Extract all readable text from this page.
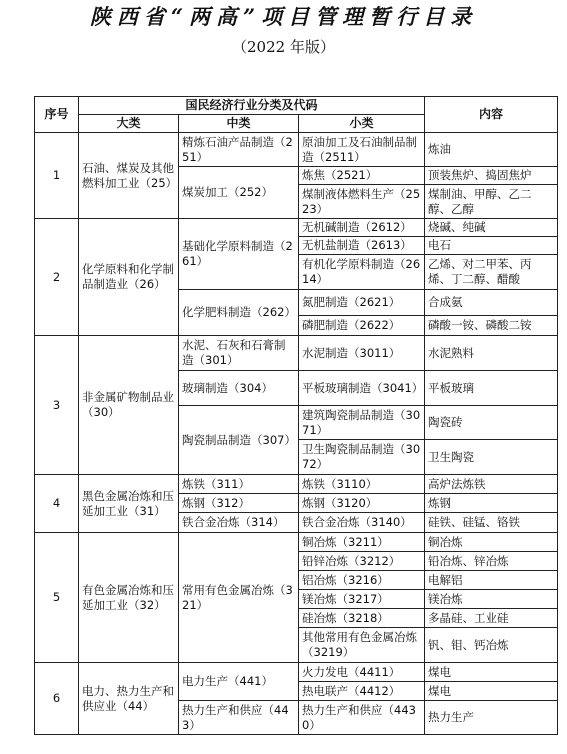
陕西省“两高”项目管理暂行目录
（2022 年版）
序号	国民经济行业分类及代码			内容
	大类	中类	小类	
1	石油、煤炭及其他燃料加工业（25）	精炼石油产品制造（251）	原油加工及石油制品制造（2511）	炼油
		煤炭加工（252）	炼焦（2521）	顶装焦炉、捣固焦炉
			煤制液体燃料生产（2523）	煤制油、甲醇、乙二醇、乙醇
2	化学原料和化学制品制造业（26）	基础化学原料制造（261）	无机碱制造（2612）	烧碱、纯碱
			无机盐制造（2613）	电石
			有机化学原料制造（2614）	乙烯、对二甲苯、丙烯、丁二醇、醋酸
		化学肥料制造（262）	氮肥制造（2621）	合成氨
			磷肥制造（2622）	磷酸一铵、磷酸二铵
3	非金属矿物制品业（30）	水泥、石灰和石膏制造（301）	水泥制造（3011）	水泥熟料
		玻璃制造（304）	平板玻璃制造（3041）	平板玻璃
		陶瓷制品制造（307）	建筑陶瓷制品制造（3071）	陶瓷砖
			卫生陶瓷制品制造（3072）	卫生陶瓷
4	黑色金属冶炼和压延加工业（31）	炼铁（311）	炼铁（3110）	高炉法炼铁
		炼钢（312）	炼钢（3120）	炼钢
		铁合金冶炼（314）	铁合金冶炼（3140）	硅铁、硅锰、铬铁
5	有色金属冶炼和压延加工业（32）	常用有色金属冶炼（321）	铜冶炼（3211）	铜冶炼
			铅锌冶炼（3212）	铅冶炼、锌冶炼
			铝冶炼（3216）	电解铝
			镁冶炼（3217）	镁冶炼
			硅冶炼（3218）	多晶硅、工业硅
			其他常用有色金属冶炼（3219）	钒、钼、钙冶炼
6	电力、热力生产和供应业（44）	电力生产（441）	火力发电（4411）	煤电
			热电联产（4412）	煤电
		热力生产和供应（443）	热力生产和供应（4430）	热力生产
